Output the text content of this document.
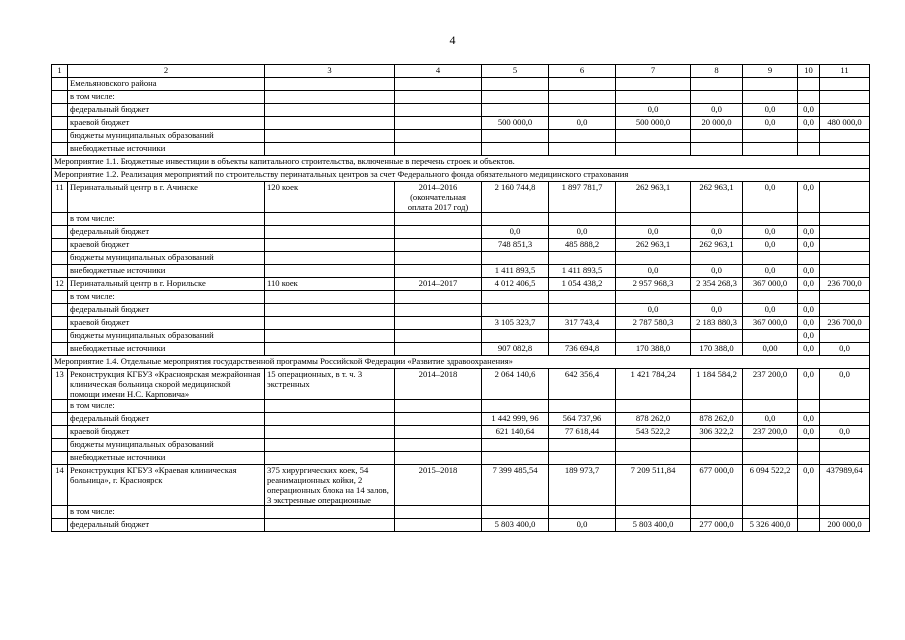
4
1	2	3	4	5	6	7	8	9	10	11
	Емельяновского района									
	в том числе:									
	федеральный бюджет					0,0	0,0	0,0	0,0	
	краевой бюджет			500 000,0	0,0	500 000,0	20 000,0	0,0	0,0	480 000,0
	бюджеты муниципальных образований									
	внебюджетные источники									
Мероприятие 1.1. Бюджетные инвестиции в объекты капитального строительства, включенные в перечень строек и объектов.										
Мероприятие 1.2. Реализация мероприятий по строительству перинатальных центров за счет Федерального фонда обязательного медицинского страхования										
11	Перинатальный центр в г. Ачинске	120 коек	2014–2016 (окончательная оплата 2017 год)	2 160 744,8	1 897 781,7	262 963,1	262 963,1	0,0	0,0	
	в том числе:									
	федеральный бюджет			0,0	0,0	0,0	0,0	0,0	0,0	
	краевой бюджет			748 851,3	485 888,2	262 963,1	262 963,1	0,0	0,0	
	бюджеты муниципальных образований									
	внебюджетные источники			1 411 893,5	1 411 893,5	0,0	0,0	0,0	0,0	
12	Перинатальный центр в г. Норильске	110 коек	2014–2017	4 012 406,5	1 054 438,2	2 957 968,3	2 354 268,3	367 000,0	0,0	236 700,0
	в том числе:									
	федеральный бюджет					0,0	0,0	0,0	0,0	
	краевой бюджет			3 105 323,7	317 743,4	2 787 580,3	2 183 880,3	367 000,0	0,0	236 700,0
	бюджеты муниципальных образований								0,0	
	внебюджетные источники			907 082,8	736 694,8	170 388,0	170 388,0	0,00	0,0	0,0
Мероприятие 1.4. Отдельные мероприятия государственной программы Российской Федерации «Развитие здравоохранения»										
13	Реконструкция КГБУЗ «Красноярская межрайонная клиническая больница скорой медицинской помощи имени Н.С. Карповича»	15 операционных, в т. ч. 3 экстренных	2014–2018	2 064 140,6	642 356,4	1 421 784,24	1 184 584,2	237 200,0	0,0	0,0
	в том числе:									
	федеральный бюджет			1 442 999, 96	564 737,96	878 262,0	878 262,0	0,0	0,0	
	краевой бюджет			621 140,64	77 618,44	543 522,2	306 322,2	237 200,0	0,0	0,0
	бюджеты муниципальных образований									
	внебюджетные источники									
14	Реконструкция КГБУЗ «Краевая клиническая больница», г. Красноярск	375 хирургических коек, 54 реанимационных койки, 2 операционных блока на 14 залов, 3 экстренные операционные	2015–2018	7 399 485,54	189 973,7	7 209 511,84	677 000,0	6 094 522,2	0,0	437989,64
	в том числе:									
	федеральный бюджет			5 803 400,0	0,0	5 803 400,0	277 000,0	5 326 400,0		200 000,0
